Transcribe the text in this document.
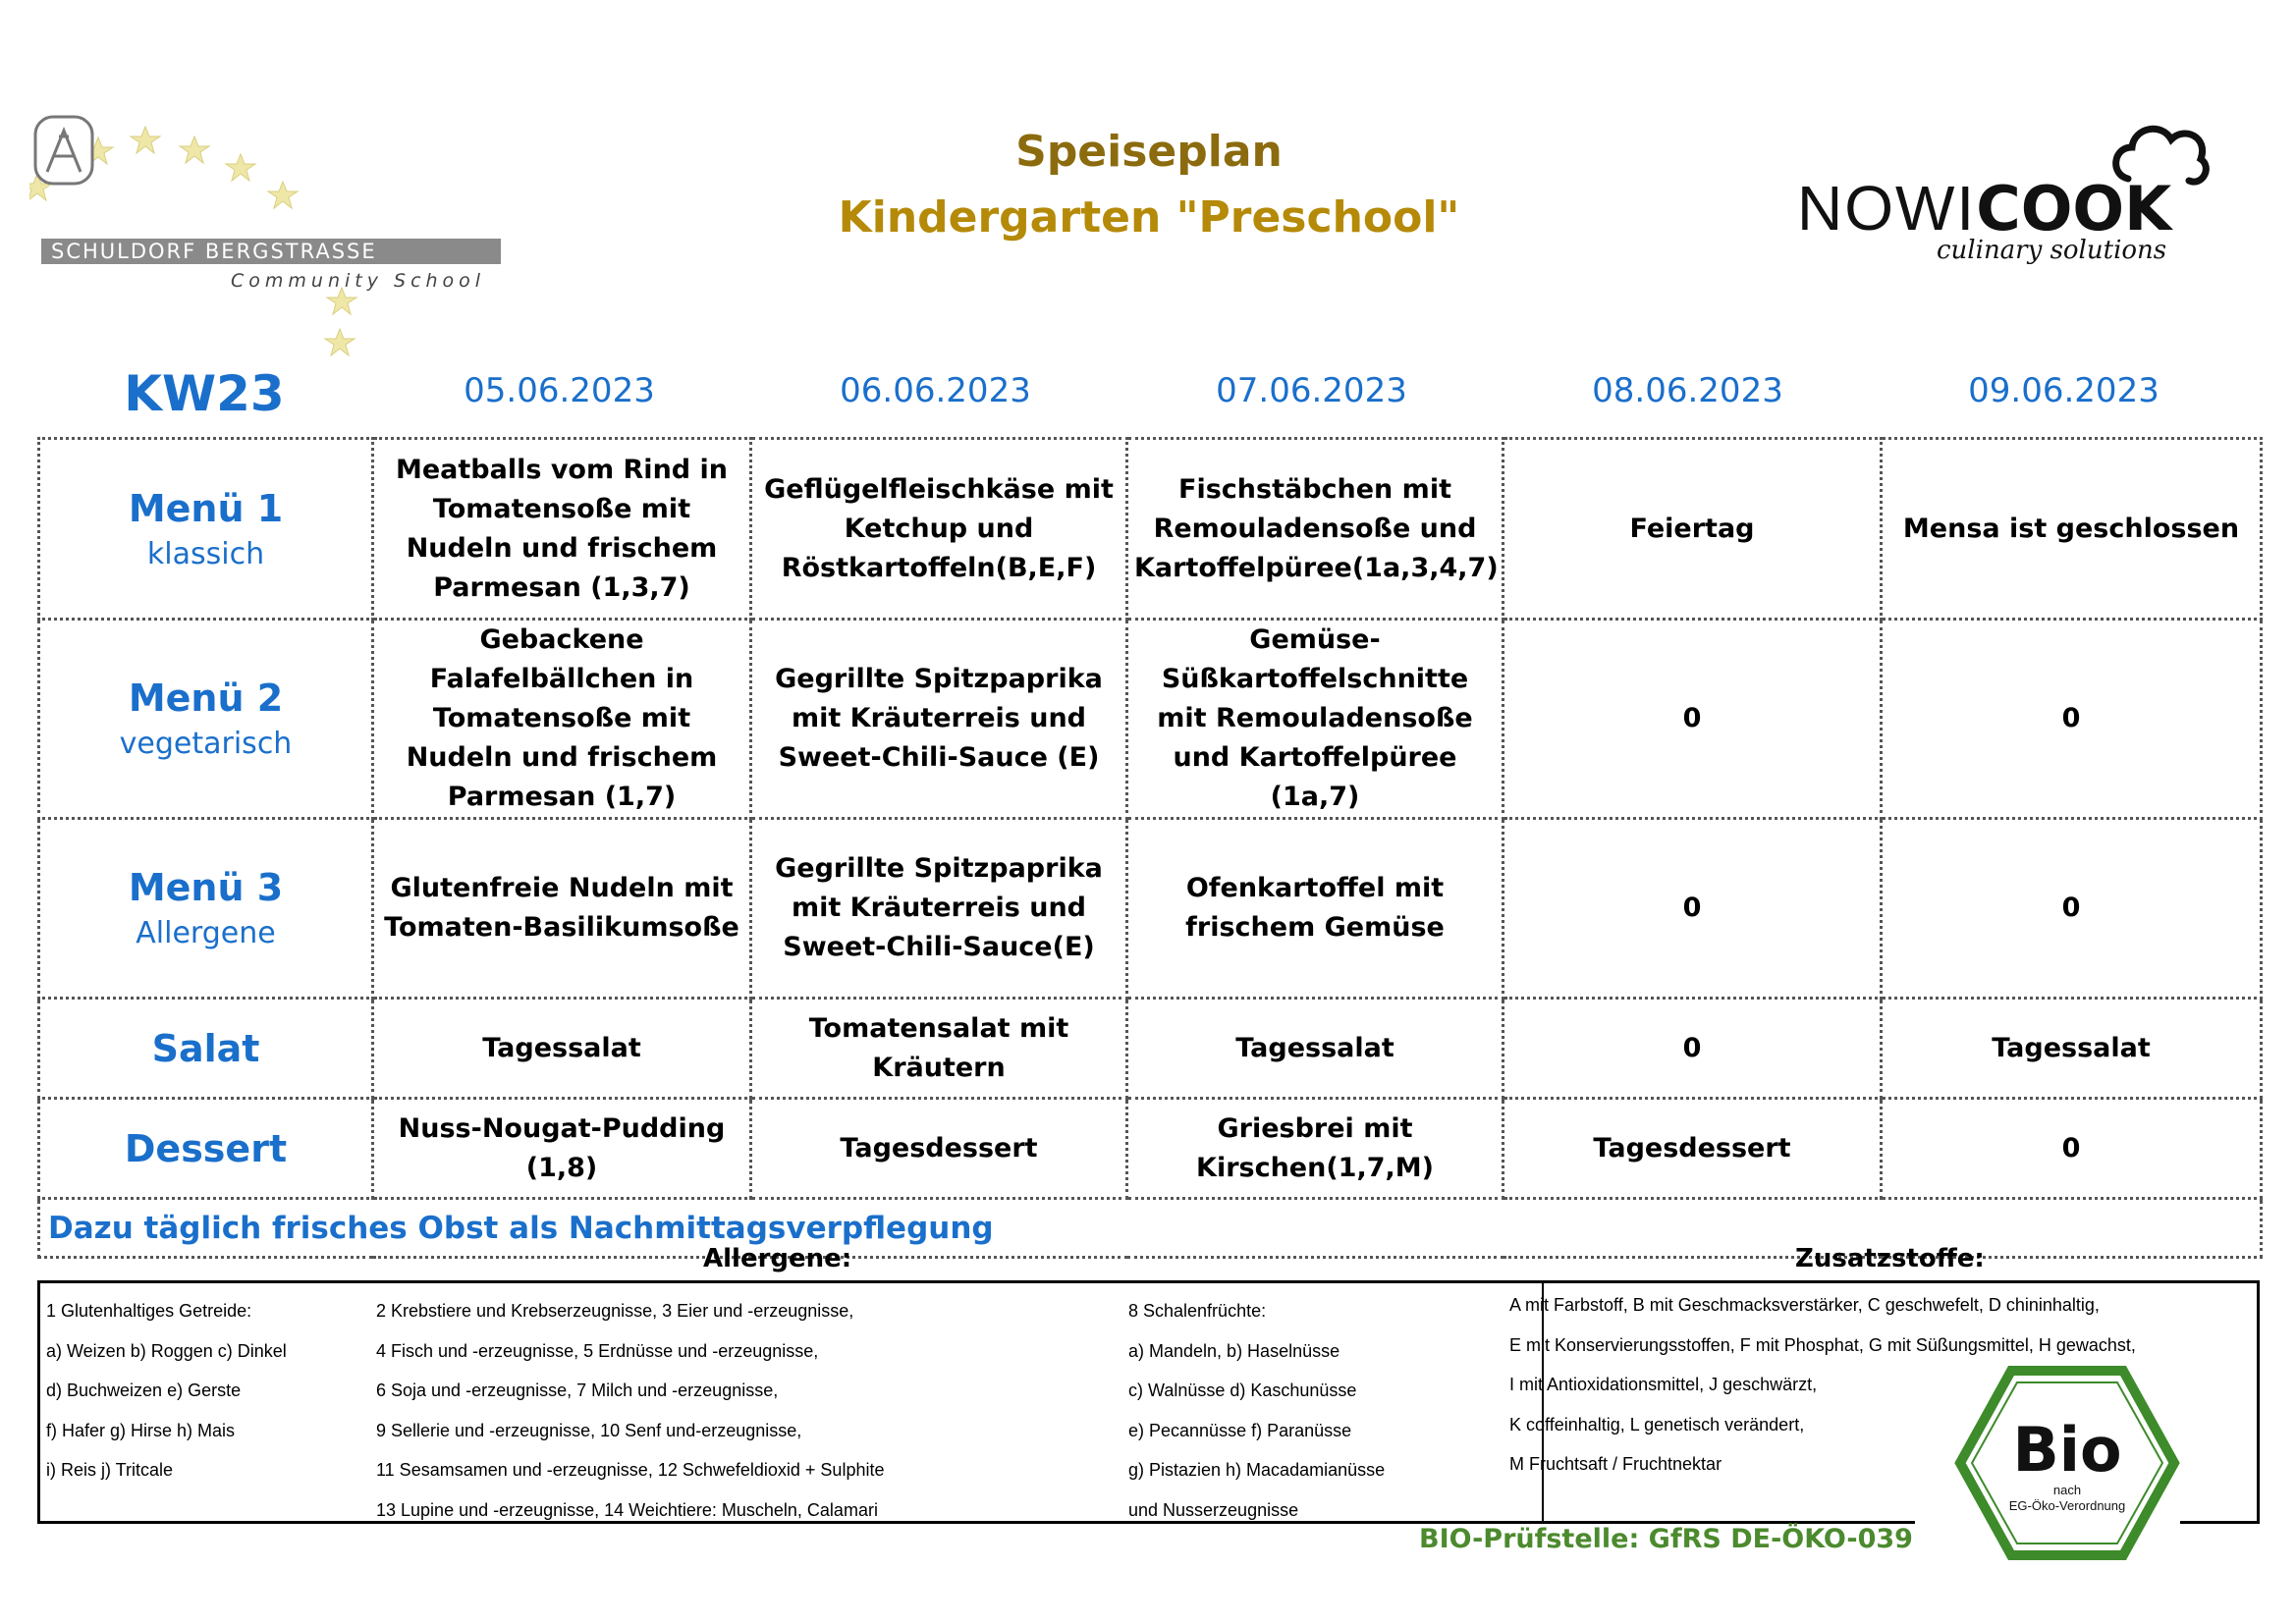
SCHULDORF BERGSTRASSE
Community School
Speiseplan
Kindergarten "Preschool"	NOWICOOK
culinary solutions
KW23	05.06.2023	06.06.2023	07.06.2023	08.06.2023	09.06.2023
Menü 1
klassich	Meatballs vom Rind in Tomatensoße mit Nudeln und frischem Parmesan (1,3,7)	Geflügelfleischkäse mit Ketchup und Röstkartoffeln(B,E,F)	Fischstäbchen mit Remouladensoße und Kartoffelpüree(1a,3,4,7)	Feiertag	Mensa ist geschlossen

Menü 2
vegetarisch	Gebackene Falafelbällchen in Tomatensoße mit Nudeln und frischem Parmesan (1,7)	Gegrillte Spitzpaprika mit Kräuterreis und Sweet-Chili-Sauce (E)	Gemüse-Süßkartoffelschnitte mit Remouladensoße und Kartoffelpüree (1a,7)	0	0

Menü 3
Allergene	Glutenfreie Nudeln mit Tomaten-Basilikumsoße	Gegrillte Spitzpaprika mit Kräuterreis und Sweet-Chili-Sauce(E)	Ofenkartoffel mit frischem Gemüse	0	0

Salat	Tagessalat	Tomatensalat mit Kräutern	Tagessalat	0	Tagessalat

Dessert	Nuss-Nougat-Pudding (1,8)	Tagesdessert	Griesbrei mit Kirschen(1,7,M)	Tagesdessert	0
Dazu täglich frisches Obst als Nachmittagsverpflegung					
Allergene:	Zusatzstoffe:
1 Glutenhaltiges Getreide:
a) Weizen b) Roggen c) Dinkel
d) Buchweizen e) Gerste
f) Hafer g) Hirse h) Mais
i) Reis j) Tritcale
2 Krebstiere und Krebserzeugnisse, 3 Eier und -erzeugnisse,
4 Fisch und -erzeugnisse, 5 Erdnüsse und -erzeugnisse,
6 Soja und -erzeugnisse, 7 Milch und -erzeugnisse,
9 Sellerie und -erzeugnisse, 10 Senf und-erzeugnisse,
11 Sesamsamen und -erzeugnisse, 12 Schwefeldioxid + Sulphite
13 Lupine und -erzeugnisse, 14 Weichtiere: Muscheln, Calamari
8 Schalenfrüchte:
a) Mandeln, b) Haselnüsse
c) Walnüsse d) Kaschunüsse
e) Pecannüsse f) Paranüsse
g) Pistazien h) Macadamianüsse
und Nusserzeugnisse
A mit Farbstoff, B mit Geschmacksverstärker, C geschwefelt, D chininhaltig,
E mit Konservierungsstoffen, F mit Phosphat, G mit Süßungsmittel, H gewachst,
I mit Antioxidationsmittel, J geschwärzt,
K coffeinhaltig, L genetisch verändert,
M Fruchtsaft / Fruchtnektar	Bio
nach
EG-Öko-Verordnung
BIO-Prüfstelle: GfRS DE-ÖKO-039
